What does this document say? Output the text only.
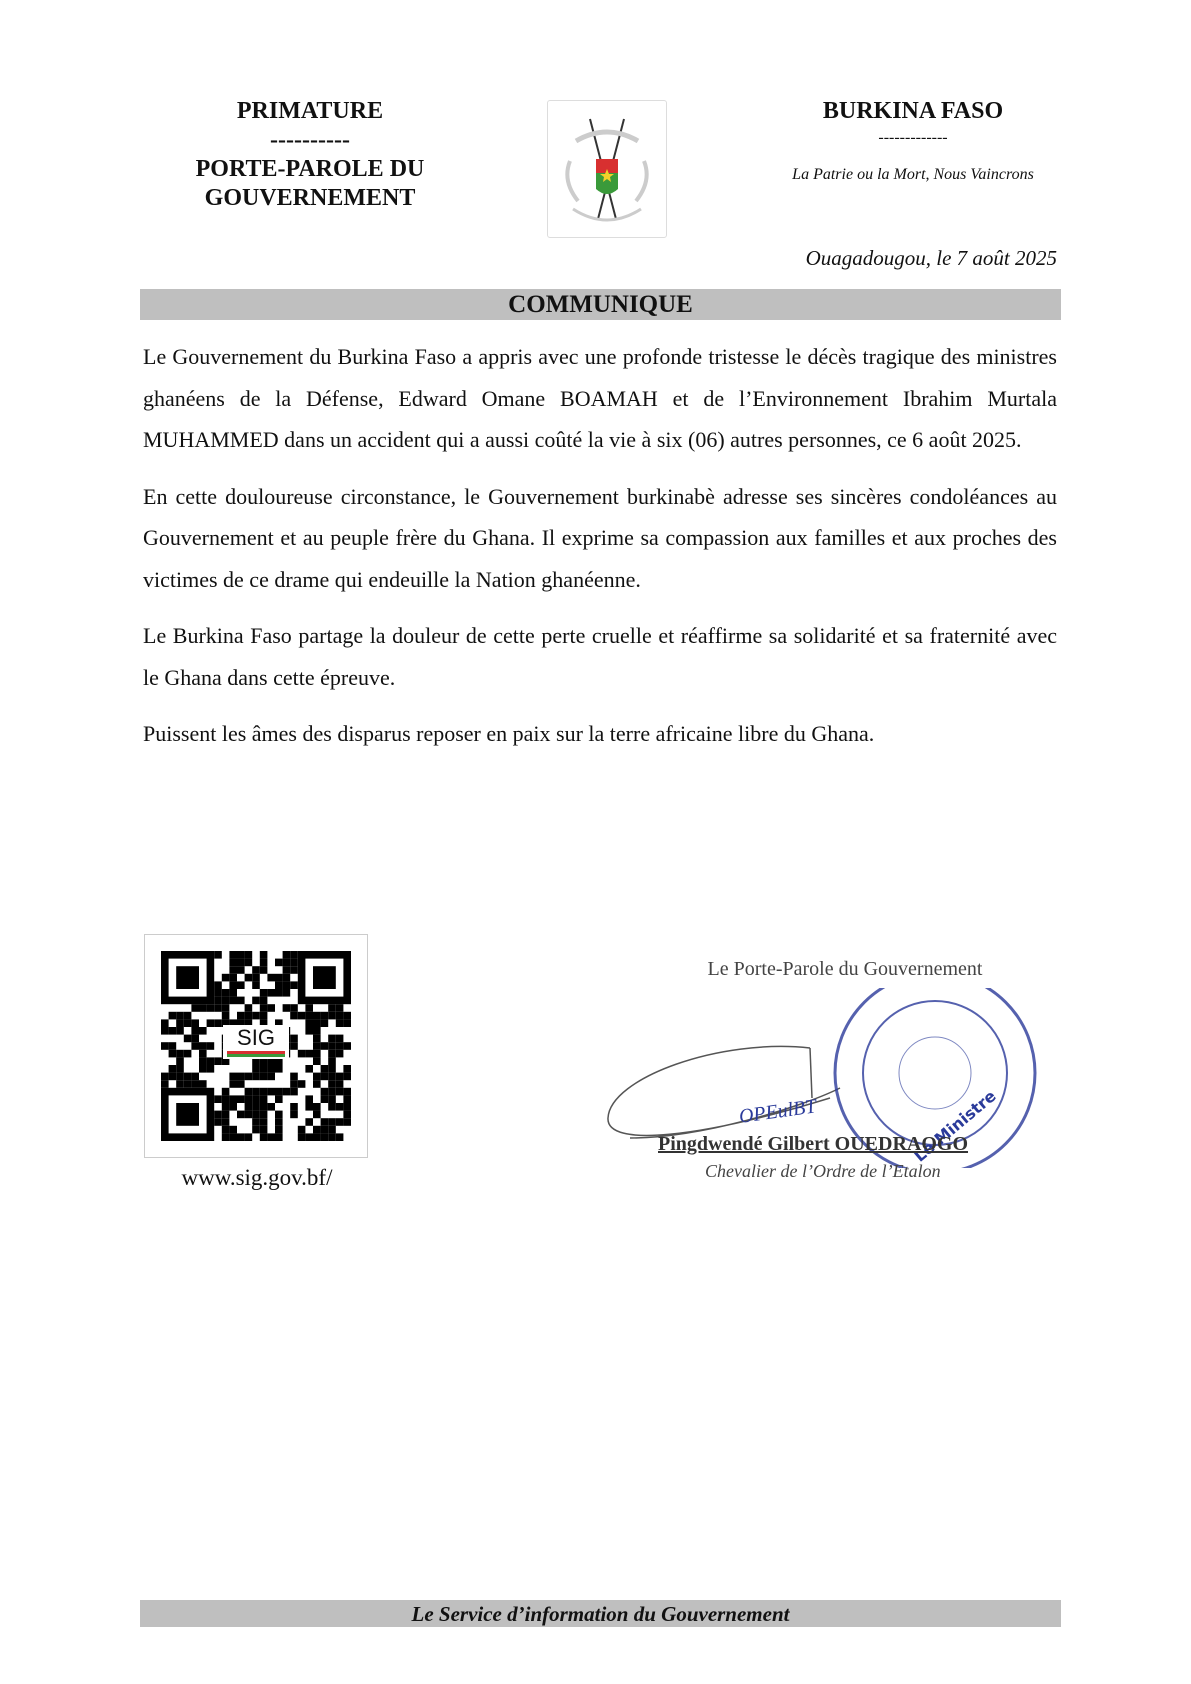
PRIMATURE
----------
PORTE-PAROLE DU
GOUVERNEMENT
BURKINA FASO
-------------
La Patrie ou la Mort, Nous Vaincrons
Ouagadougou, le 7 août 2025
COMMUNIQUE

Le Gouvernement du Burkina Faso a appris avec une profonde tristesse le décès tragique des ministres ghanéens de la Défense, Edward Omane BOAMAH et de l’Environnement Ibrahim Murtala MUHAMMED dans un accident qui a aussi coûté la vie à six (06) autres personnes, ce 6 août 2025.

En cette douloureuse circonstance, le Gouvernement burkinabè adresse ses sincères condoléances au Gouvernement et au peuple frère du Ghana. Il exprime sa compassion aux familles et aux proches des victimes de ce drame qui endeuille la Nation ghanéenne.

Le Burkina Faso partage la douleur de cette perte cruelle et réaffirme sa solidarité et sa fraternité avec le Ghana dans cette épreuve.

Puissent les âmes des disparus reposer en paix sur la terre africaine libre du Ghana.

SIG
www.sig.gov.bf/
Le Porte-Parole du Gouvernement
OPEulBT	Le Ministre
Pingdwendé Gilbert OUEDRAOGO
Chevalier de l’Ordre de l’Etalon
Le Service d’information du Gouvernement
